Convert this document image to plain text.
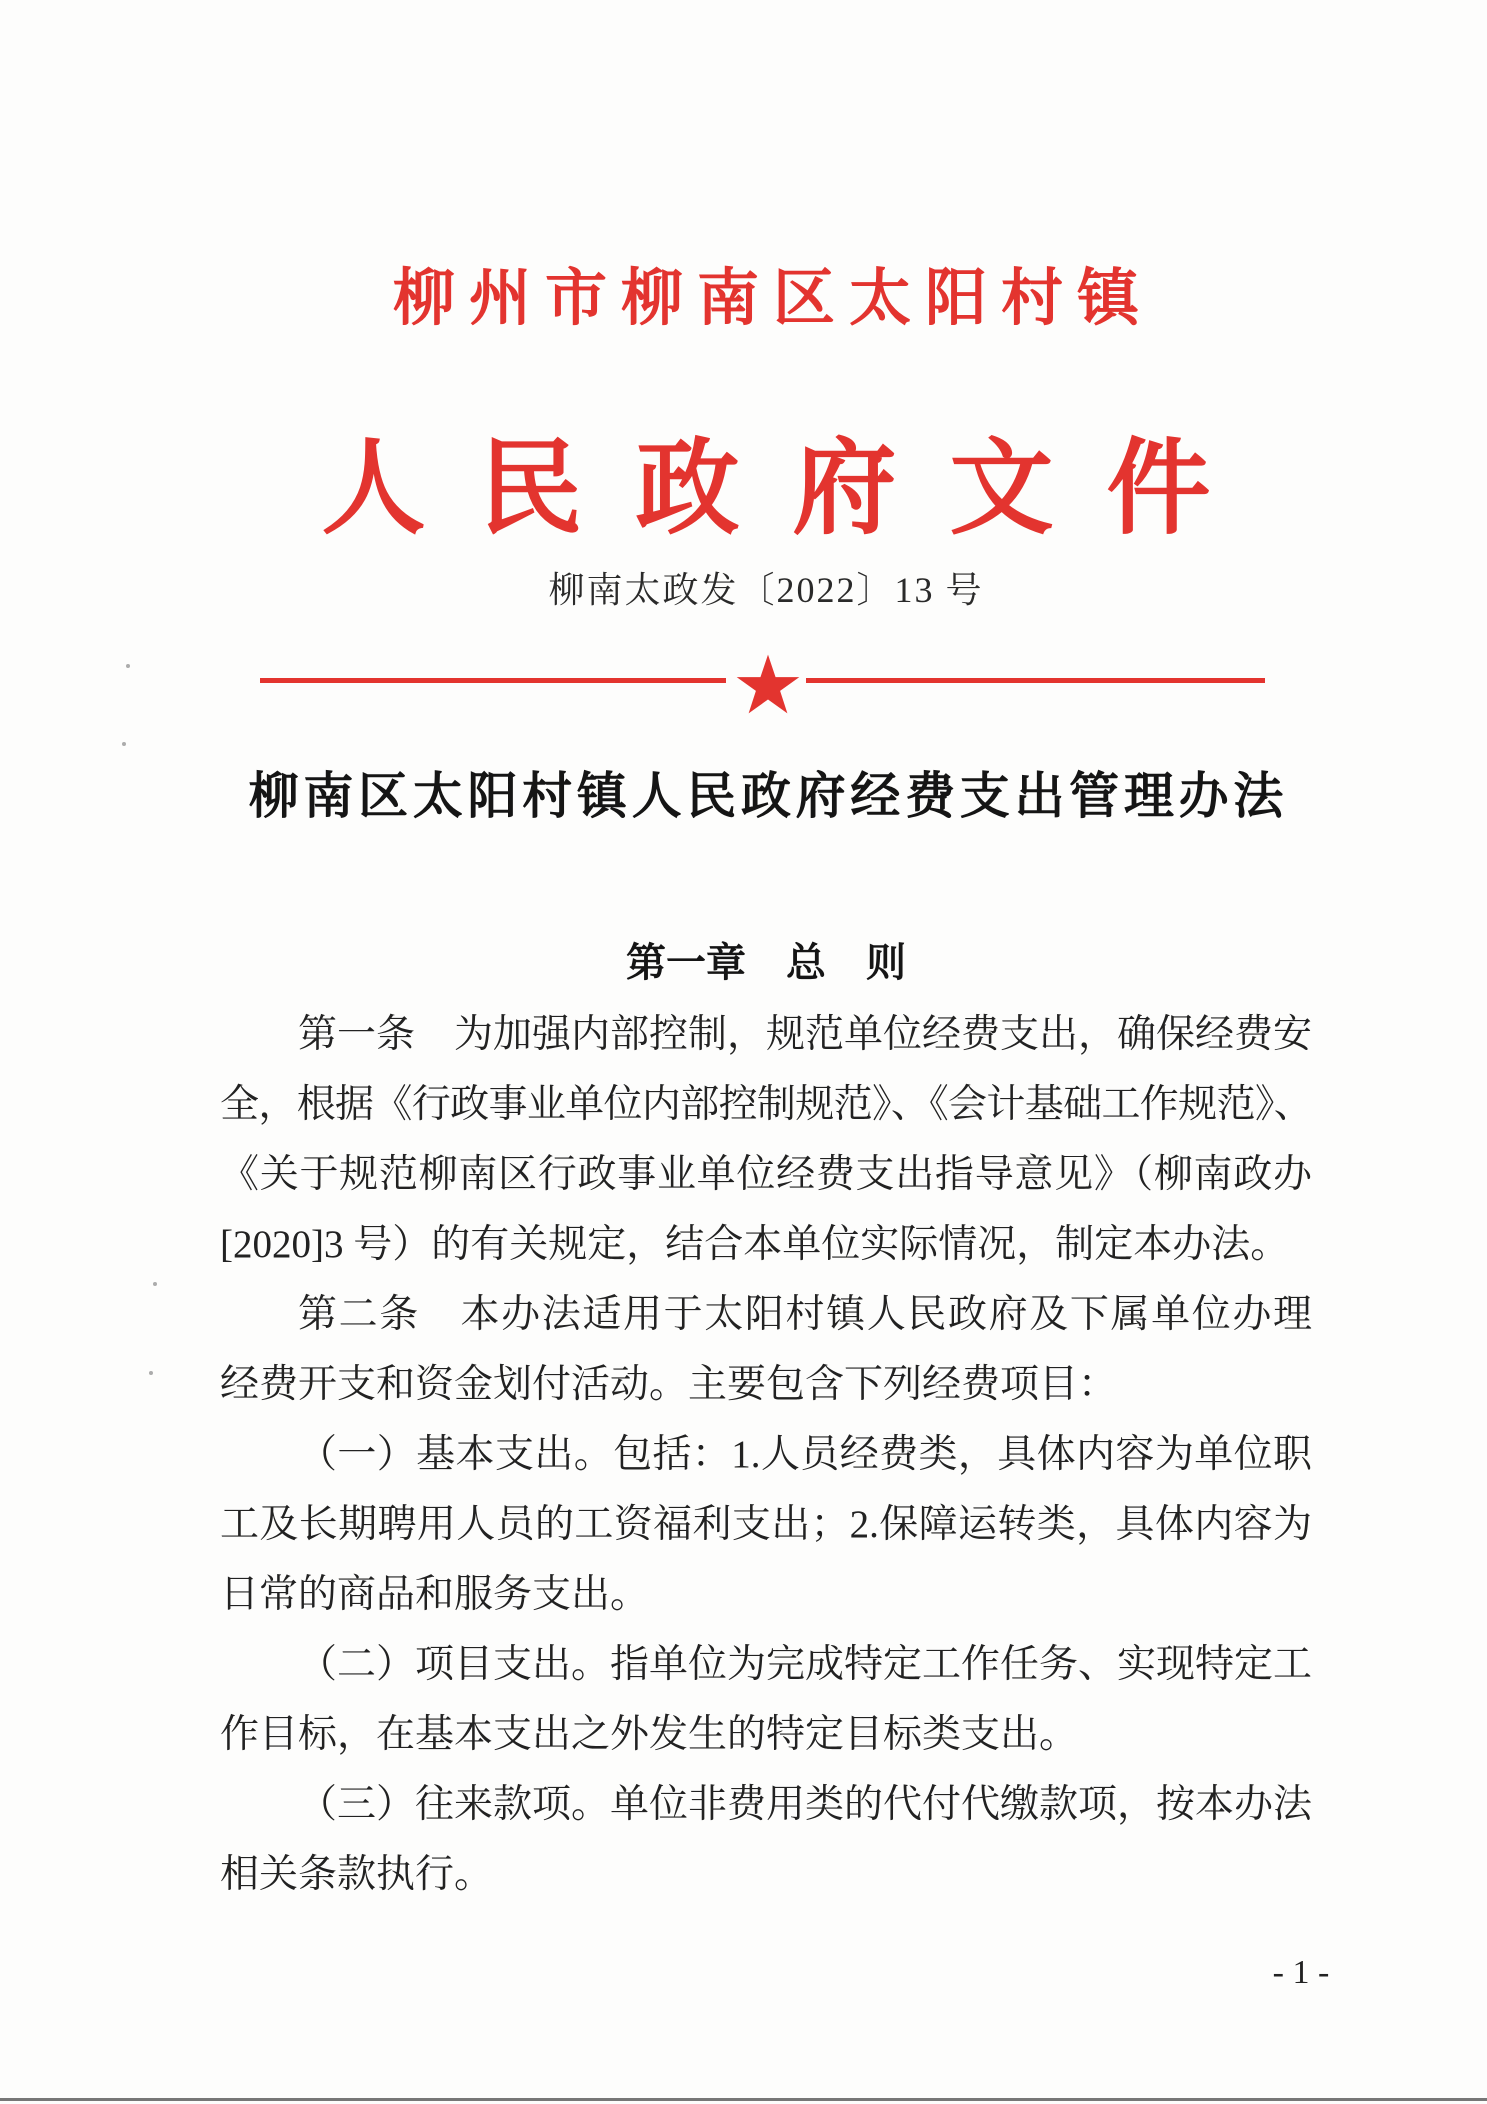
柳州市柳南区太阳村镇
人民政府文件
柳南太政发〔2022〕13 号
柳南区太阳村镇人民政府经费支出管理办法
第一章　总　则
第一条　为加强内部控制，规范单位经费支出，确保经费安
全，根据《行政事业单位内部控制规范》、《会计基础工作规范》、
《关于规范柳南区行政事业单位经费支出指导意见》（柳南政办
[2020]3 号）的有关规定，结合本单位实际情况，制定本办法。
第二条　本办法适用于太阳村镇人民政府及下属单位办理
经费开支和资金划付活动。主要包含下列经费项目：
（一）基本支出。包括：1.人员经费类，具体内容为单位职
工及长期聘用人员的工资福利支出；2.保障运转类，具体内容为
日常的商品和服务支出。
（二）项目支出。指单位为完成特定工作任务、实现特定工
作目标，在基本支出之外发生的特定目标类支出。
（三）往来款项。单位非费用类的代付代缴款项，按本办法
相关条款执行。
- 1 -
